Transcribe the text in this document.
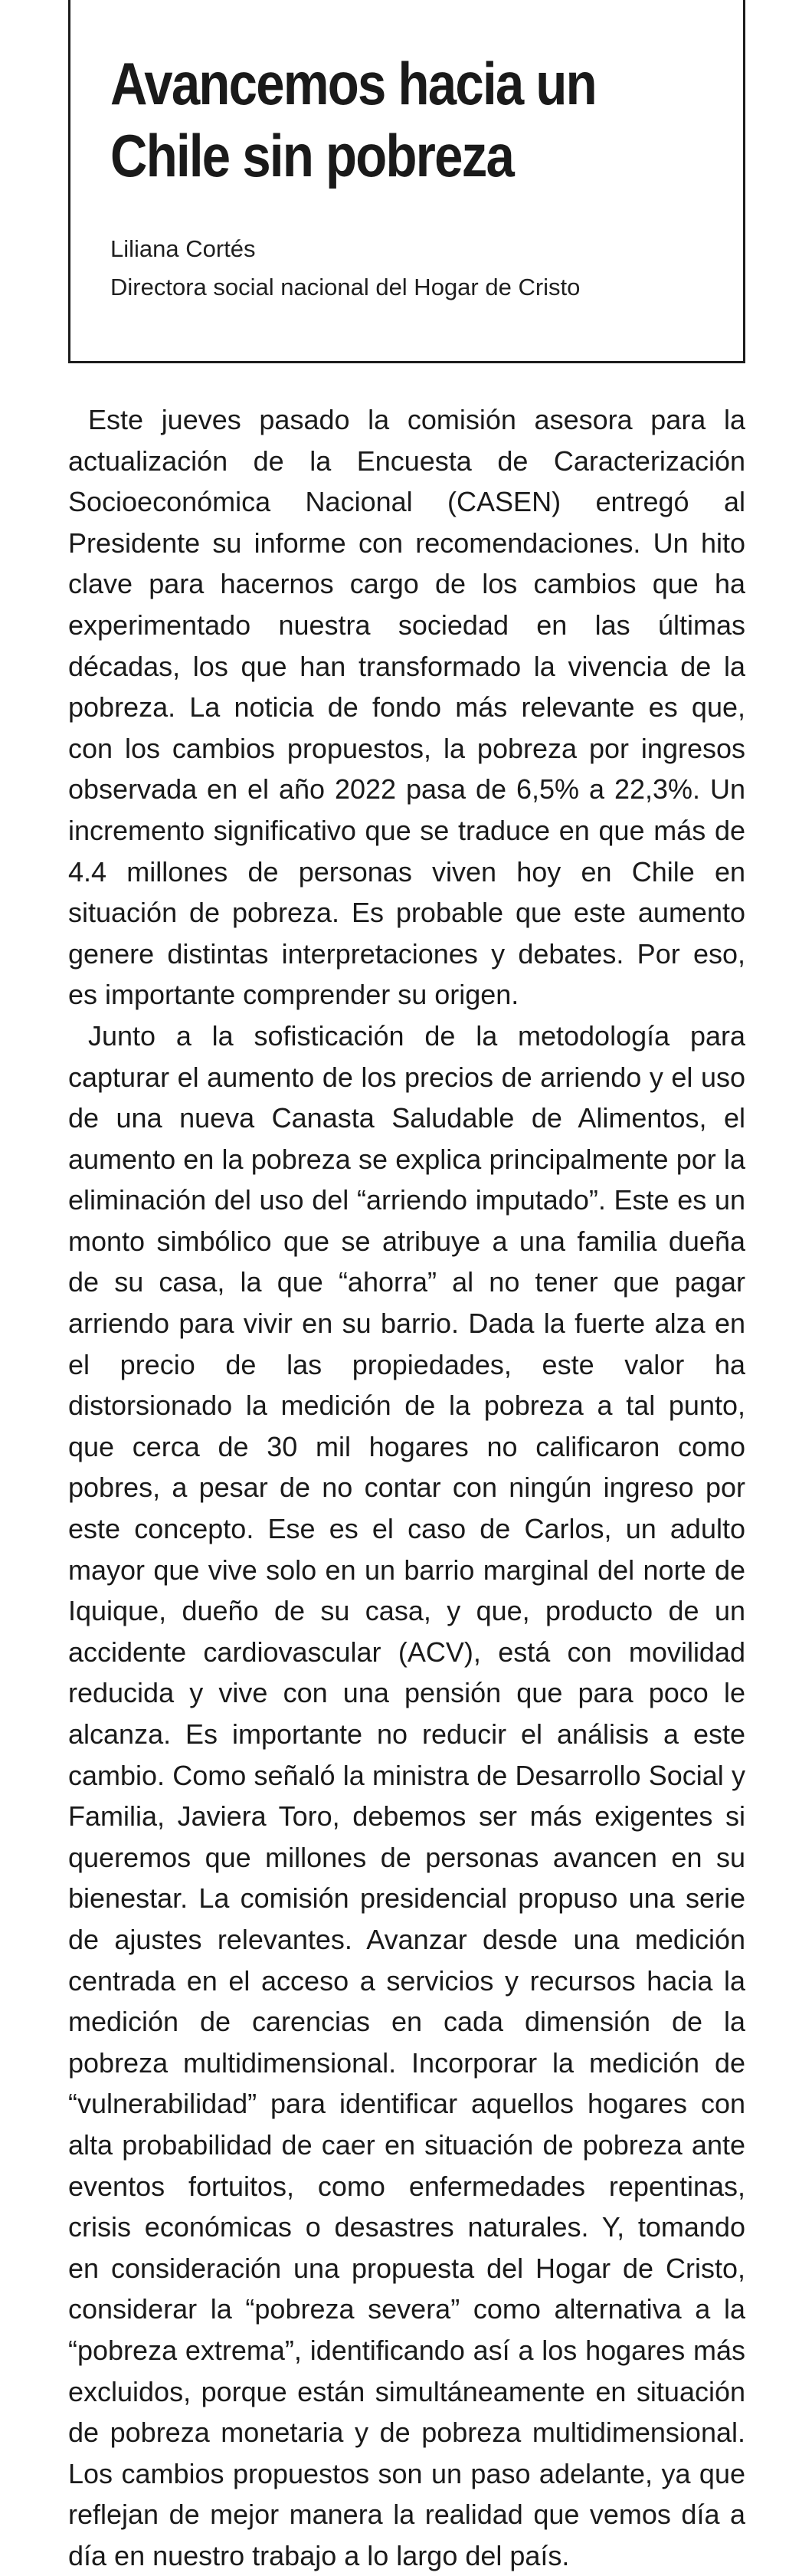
Avancemos hacia un Chile sin pobreza
Liliana Cortés
Directora social nacional del Hogar de Cristo

Este jueves pasado la comisión asesora para la actualización de la Encuesta de Caracterización Socioeconómica Nacional (CASEN) entregó al Presidente su informe con recomendaciones. Un hito clave para hacernos cargo de los cambios que ha experimentado nuestra sociedad en las últimas décadas, los que han transformado la vivencia de la pobreza. La noticia de fondo más relevante es que, con los cambios propuestos, la pobreza por ingresos observada en el año 2022 pasa de 6,5% a 22,3%. Un incremento significativo que se traduce en que más de 4.4 millones de personas viven hoy en Chile en situación de pobreza. Es probable que este aumento genere distintas interpretaciones y debates. Por eso, es importante comprender su origen.

Junto a la sofisticación de la metodología para capturar el aumento de los precios de arriendo y el uso de una nueva Canasta Saludable de Alimentos, el aumento en la pobreza se explica principalmente por la eliminación del uso del “arriendo imputado”. Este es un monto simbólico que se atribuye a una familia dueña de su casa, la que “ahorra” al no tener que pagar arriendo para vivir en su barrio. Dada la fuerte alza en el precio de las propiedades, este valor ha distorsionado la medición de la pobreza a tal punto, que cerca de 30 mil hogares no calificaron como pobres, a pesar de no contar con ningún ingreso por este concepto. Ese es el caso de Carlos, un adulto mayor que vive solo en un barrio marginal del norte de Iquique, dueño de su casa, y que, producto de un accidente cardiovascular (ACV), está con movilidad reducida y vive con una pensión que para poco le alcanza. Es importante no reducir el análisis a este cambio. Como señaló la ministra de Desarrollo Social y Familia, Javiera Toro, debemos ser más exigentes si queremos que millones de personas avancen en su bienestar. La comisión presidencial propuso una serie de ajustes relevantes. Avanzar desde una medición centrada en el acceso a servicios y recursos hacia la medición de carencias en cada dimensión de la pobreza multidimensional. Incorporar la medición de “vulnerabilidad” para identificar aquellos hogares con alta probabilidad de caer en situación de pobreza ante eventos fortuitos, como enfermedades repentinas, crisis económicas o desastres naturales. Y, tomando en consideración una propuesta del Hogar de Cristo, considerar la “pobreza severa” como alternativa a la “pobreza extrema”, identificando así a los hogares más excluidos, porque están simultáneamente en situación de pobreza monetaria y de pobreza multidimensional. Los cambios propuestos son un paso adelante, ya que reflejan de mejor manera la realidad que vemos día a día en nuestro trabajo a lo largo del país.
